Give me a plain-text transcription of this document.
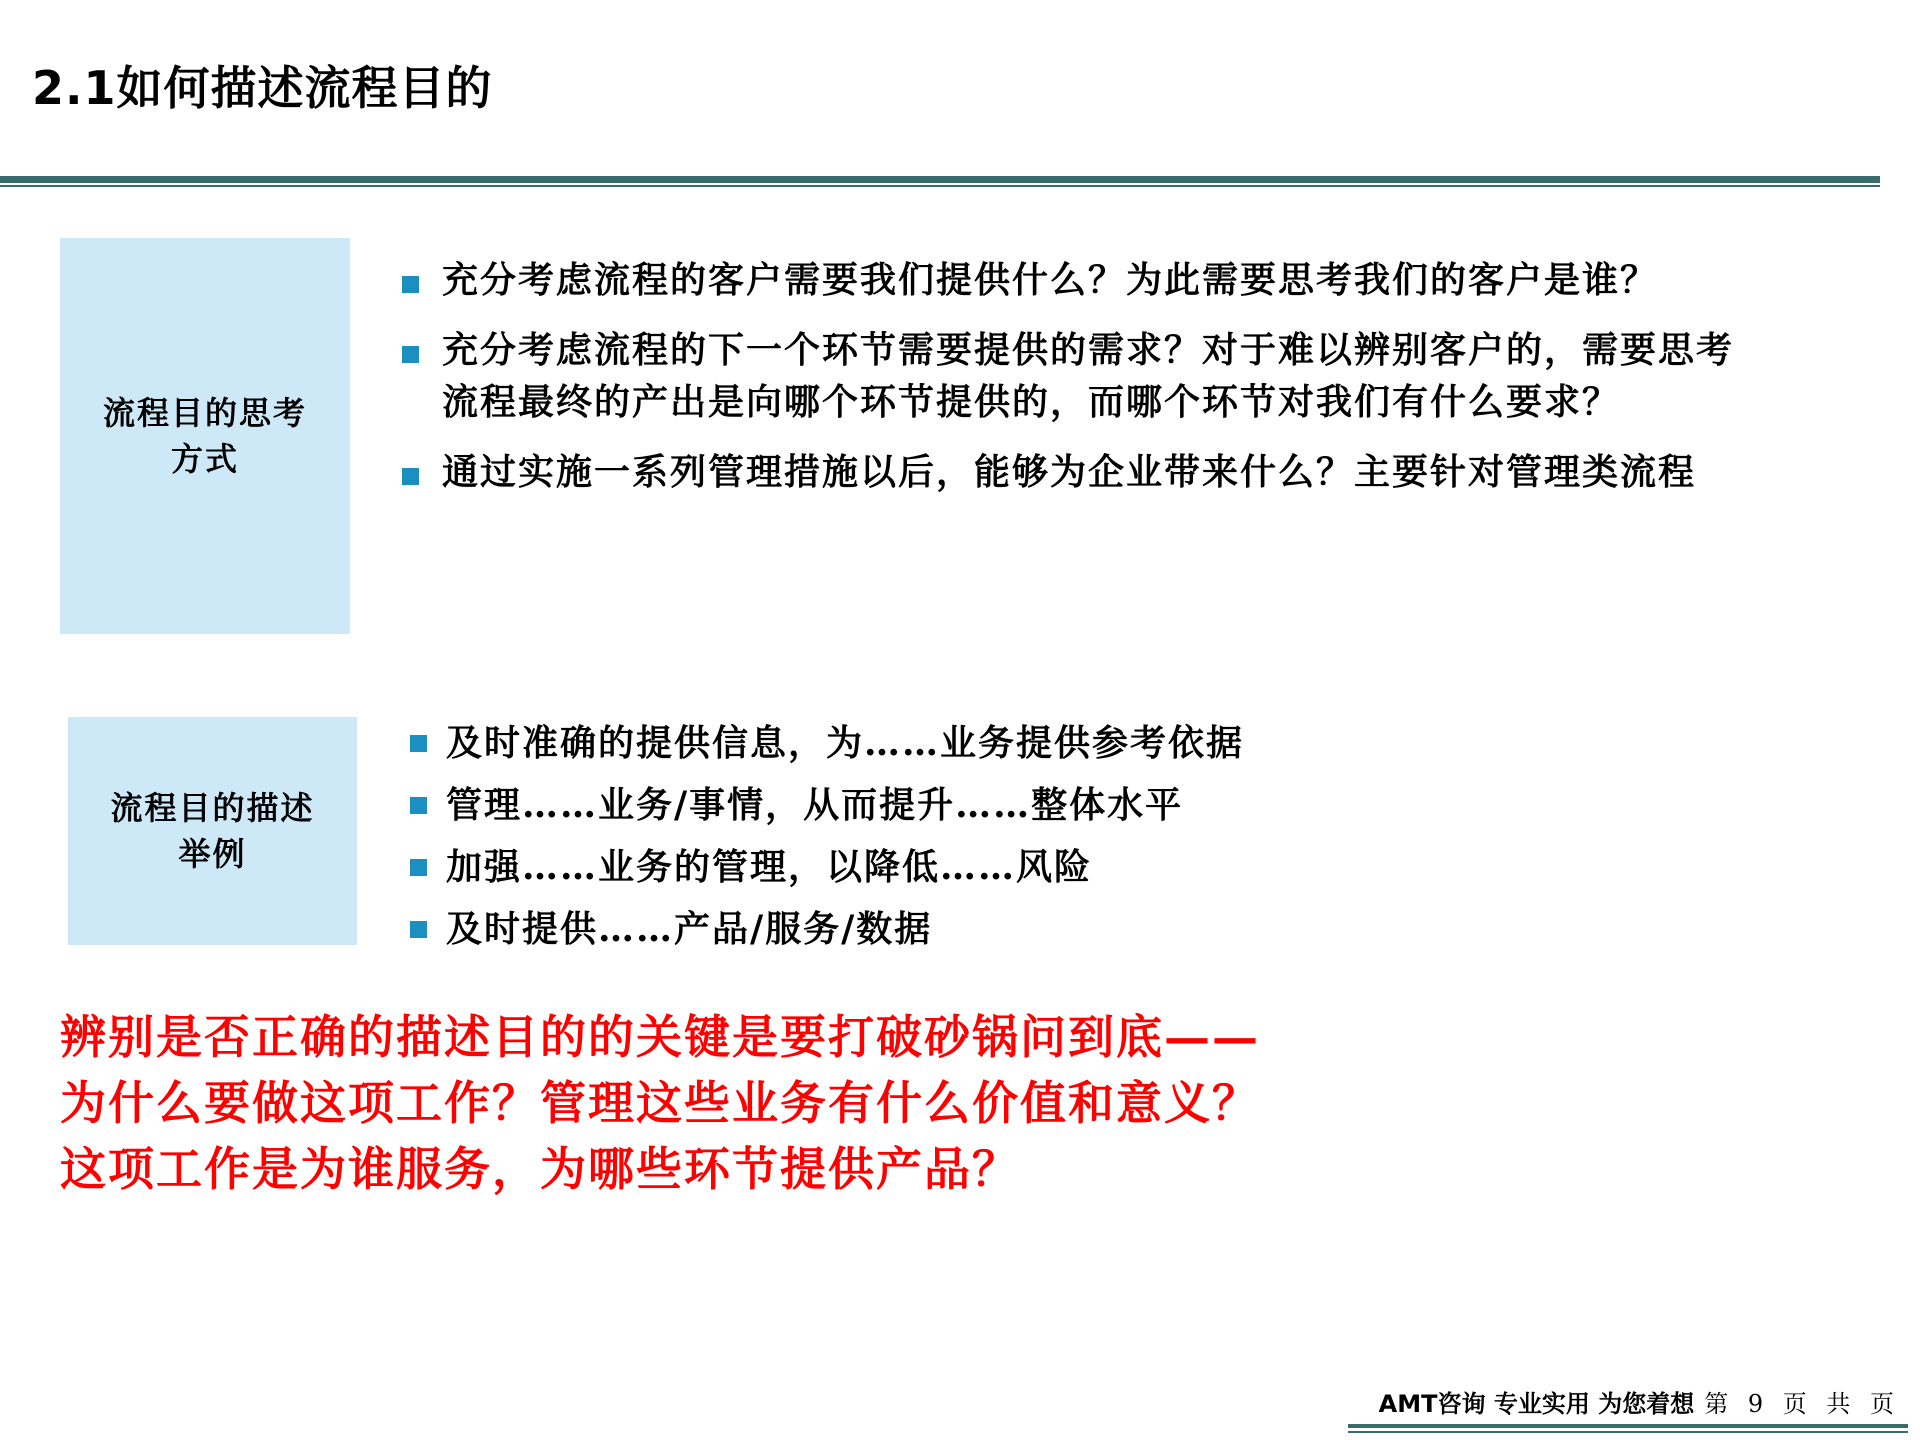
2.1如何描述流程目的
流程目的思考
方式
充分考虑流程的客户需要我们提供什么？为此需要思考我们的客户是谁？
充分考虑流程的下一个环节需要提供的需求？对于难以辨别客户的，需要思考流程最终的产出是向哪个环节提供的，而哪个环节对我们有什么要求？
通过实施一系列管理措施以后，能够为企业带来什么？主要针对管理类流程
流程目的描述
举例
及时准确的提供信息，为……业务提供参考依据
管理……业务/事情，从而提升……整体水平
加强……业务的管理，以降低……风险
及时提供……产品/服务/数据
辨别是否正确的描述目的的关键是要打破砂锅问到底——
为什么要做这项工作？管理这些业务有什么价值和意义？
这项工作是为谁服务，为哪些环节提供产品？
AMT咨询 专业实用 为您着想 第 9 页 共 页
